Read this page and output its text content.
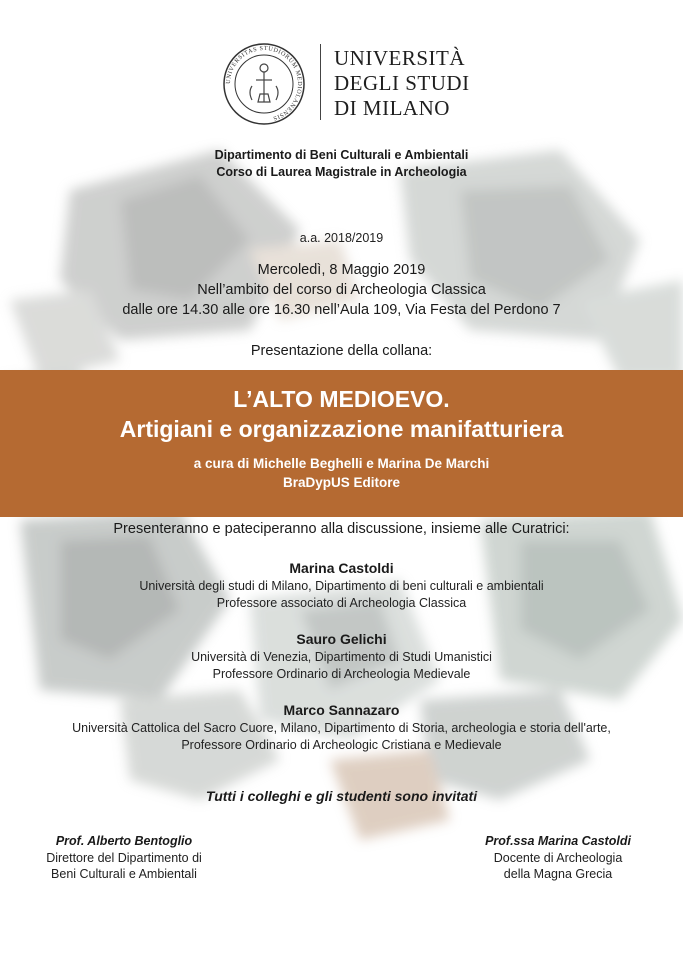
UNIVERSITAS STUDIORUM MEDIOLANENSIS
UNIVERSITÀ
DEGLI STUDI
DI MILANO
Dipartimento di Beni Culturali e Ambientali
Corso di Laurea Magistrale in Archeologia
a.a. 2018/2019
Mercoledì, 8 Maggio 2019
Nell’ambito del corso di Archeologia Classica
dalle ore 14.30 alle ore 16.30 nell’Aula 109, Via Festa del Perdono 7
Presentazione della collana:
L’ALTO MEDIOEVO.
Artigiani e organizzazione manifatturiera
a cura di Michelle Beghelli e Marina De Marchi
BraDypUS Editore
Presenteranno e pateciperanno alla discussione, insieme alle Curatrici:
Marina Castoldi
Università degli studi di Milano, Dipartimento di beni culturali e ambientali
Professore associato di Archeologia Classica
Sauro Gelichi
Università di Venezia, Dipartimento di Studi Umanistici
Professore Ordinario di Archeologia Medievale
Marco Sannazaro
Università Cattolica del Sacro Cuore, Milano, Dipartimento di Storia, archeologia e storia dell'arte,
Professore Ordinario di Archeologic Cristiana e Medievale
Tutti i colleghi e gli studenti sono invitati
Prof. Alberto Bentoglio
Direttore del Dipartimento di
Beni Culturali e Ambientali
Prof.ssa Marina Castoldi
Docente di Archeologia
della Magna Grecia
